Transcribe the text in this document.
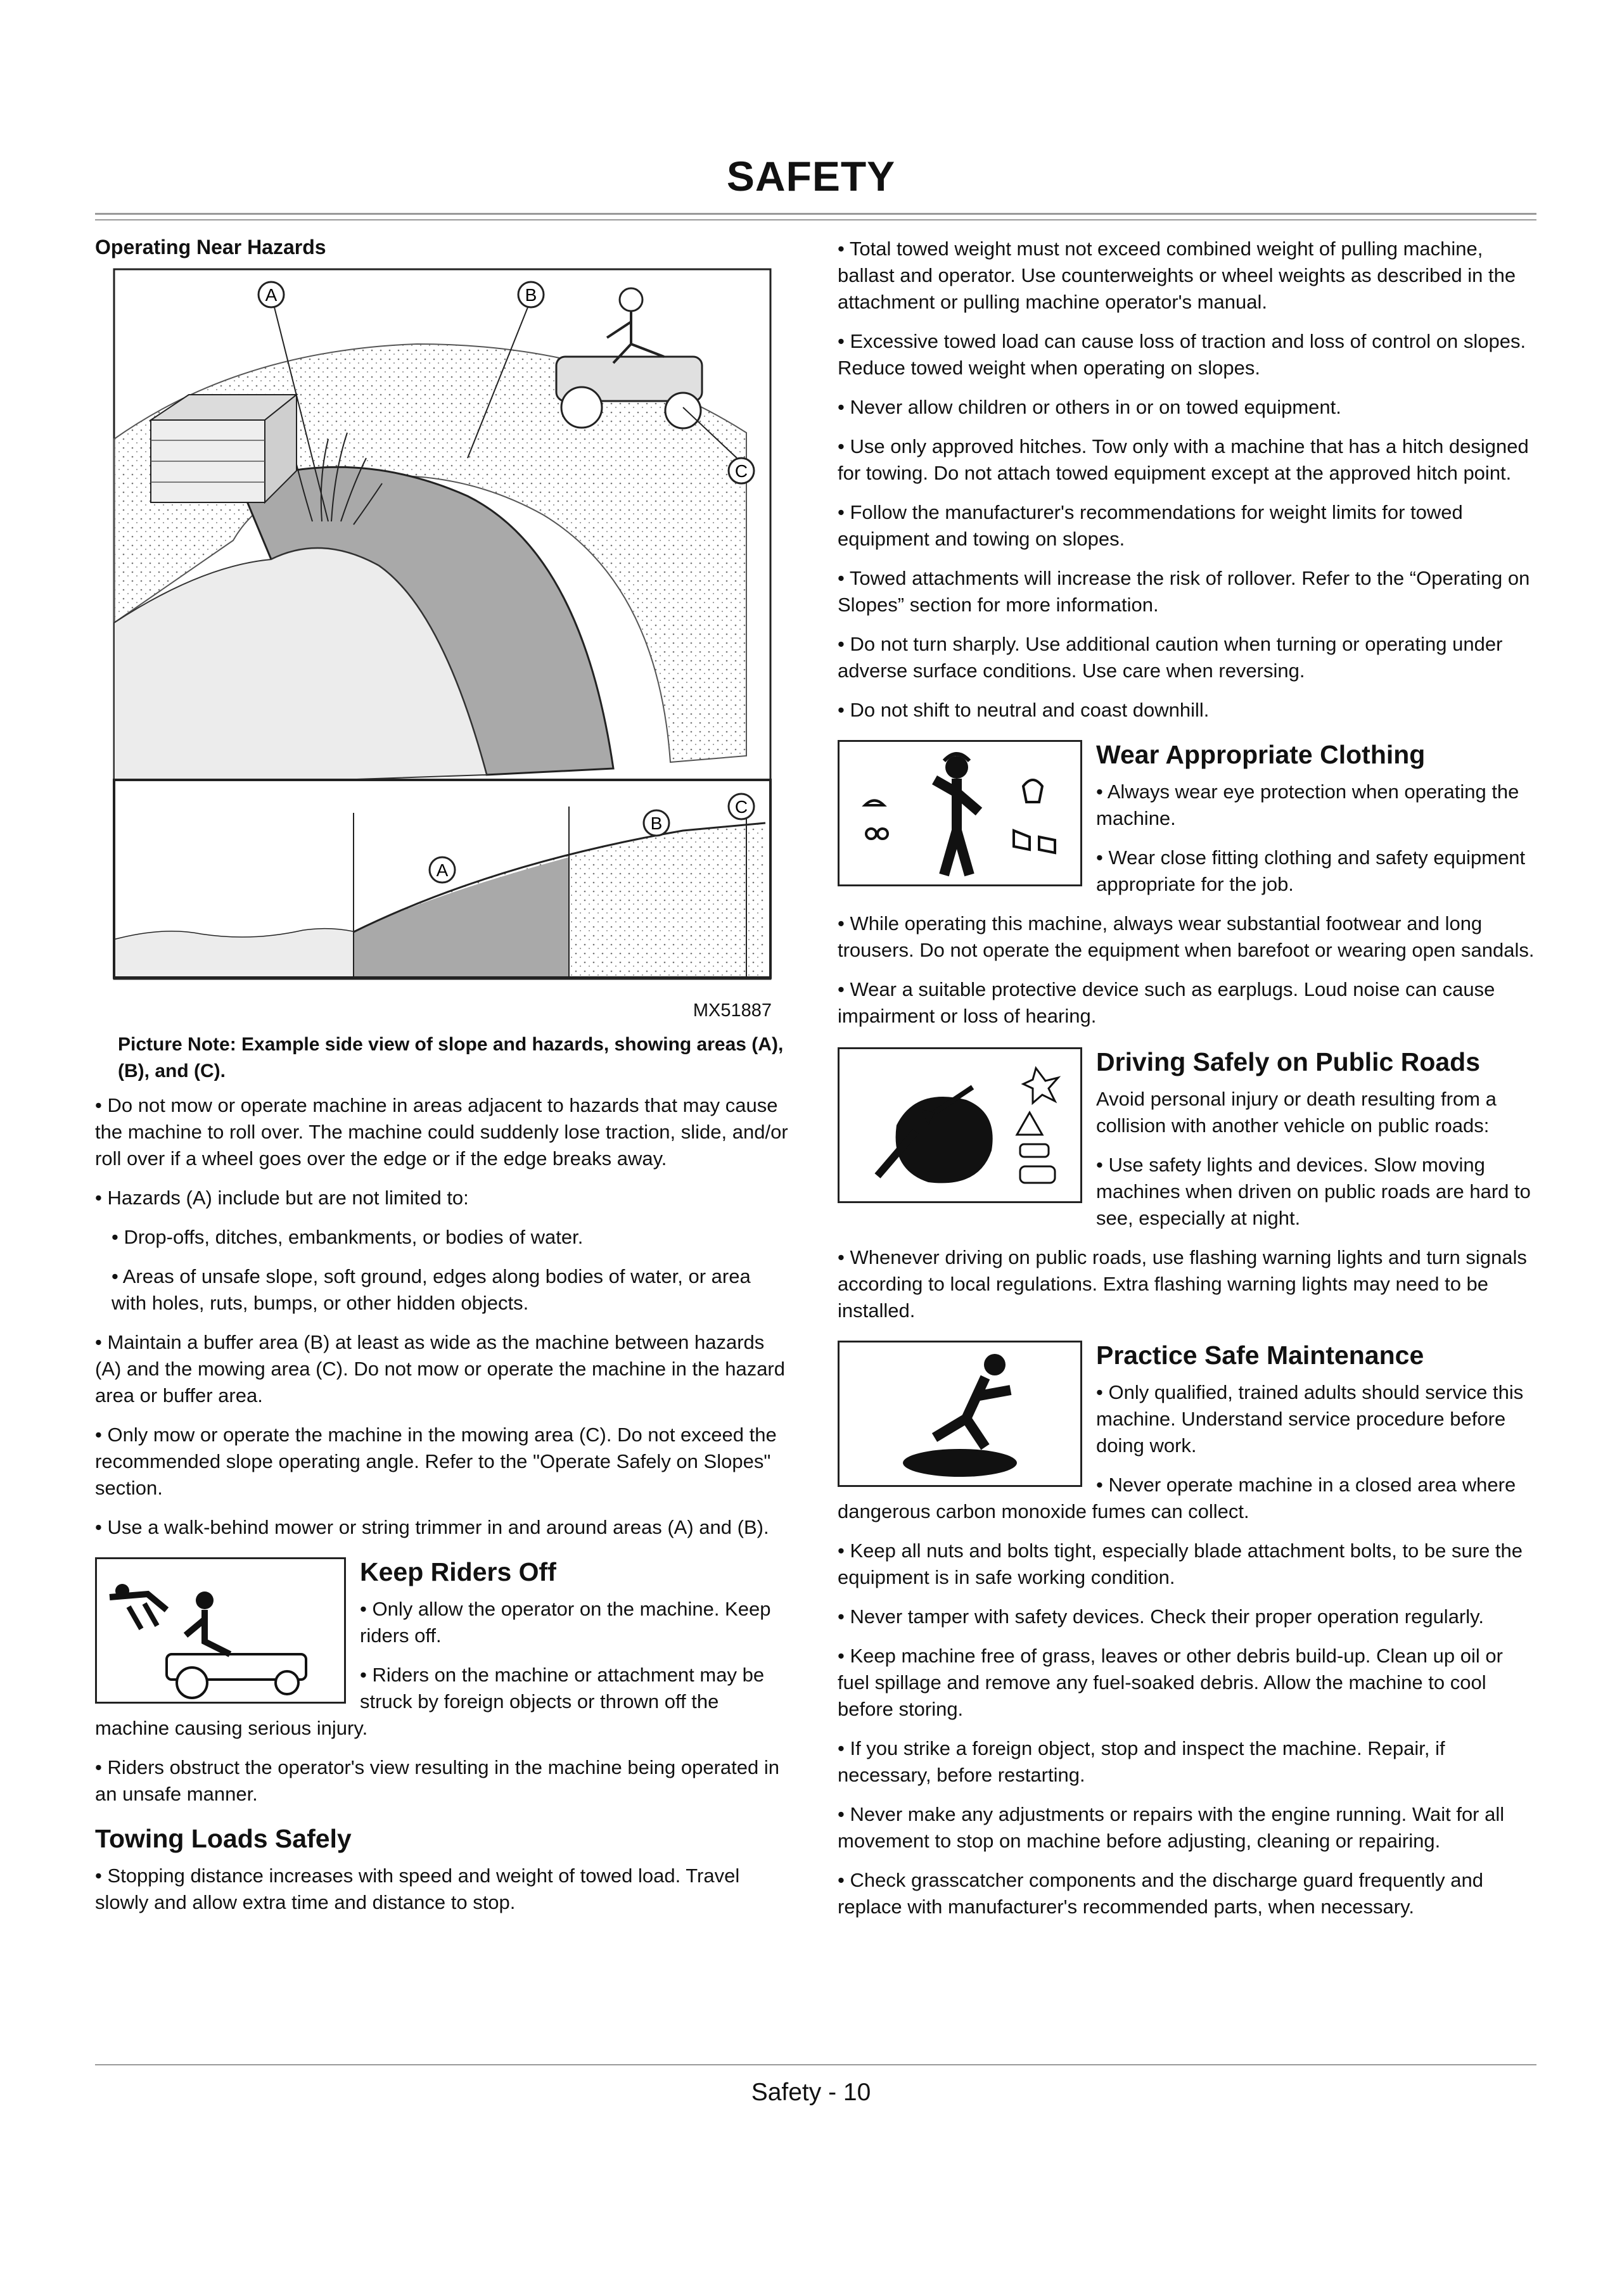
SAFETY
Operating Near Hazards
A	B
C
A
B
C
MX51887

Picture Note: Example side view of slope and hazards, showing areas (A), (B), and (C).

• Do not mow or operate machine in areas adjacent to hazards that may cause the machine to roll over. The machine could suddenly lose traction, slide, and/or roll over if a wheel goes over the edge or if the edge breaks away.

• Hazards (A) include but are not limited to:

• Drop-offs, ditches, embankments, or bodies of water.

• Areas of unsafe slope, soft ground, edges along bodies of water, or area with holes, ruts, bumps, or other hidden objects.

• Maintain a buffer area (B) at least as wide as the machine between hazards (A) and the mowing area (C). Do not mow or operate the machine in the hazard area or buffer area.

• Only mow or operate the machine in the mowing area (C). Do not exceed the recommended slope operating angle. Refer to the "Operate Safely on Slopes" section.

• Use a walk-behind mower or string trimmer in and around areas (A) and (B).

Keep Riders Off

• Only allow the operator on the machine. Keep riders off.

• Riders on the machine or attachment may be struck by foreign objects or thrown off the machine causing serious injury.

• Riders obstruct the operator's view resulting in the machine being operated in an unsafe manner.

Towing Loads Safely

• Stopping distance increases with speed and weight of towed load. Travel slowly and allow extra time and distance to stop.

• Total towed weight must not exceed combined weight of pulling machine, ballast and operator. Use counterweights or wheel weights as described in the attachment or pulling machine operator's manual.

• Excessive towed load can cause loss of traction and loss of control on slopes. Reduce towed weight when operating on slopes.

• Never allow children or others in or on towed equipment.

• Use only approved hitches. Tow only with a machine that has a hitch designed for towing. Do not attach towed equipment except at the approved hitch point.

• Follow the manufacturer's recommendations for weight limits for towed equipment and towing on slopes.

• Towed attachments will increase the risk of rollover. Refer to the “Operating on Slopes” section for more information.

• Do not turn sharply. Use additional caution when turning or operating under adverse surface conditions. Use care when reversing.

• Do not shift to neutral and coast downhill.

Wear Appropriate Clothing

• Always wear eye protection when operating the machine.

• Wear close fitting clothing and safety equipment appropriate for the job.

• While operating this machine, always wear substantial footwear and long trousers. Do not operate the equipment when barefoot or wearing open sandals.

• Wear a suitable protective device such as earplugs. Loud noise can cause impairment or loss of hearing.

Driving Safely on Public Roads

Avoid personal injury or death resulting from a collision with another vehicle on public roads:

• Use safety lights and devices. Slow moving machines when driven on public roads are hard to see, especially at night.

• Whenever driving on public roads, use flashing warning lights and turn signals according to local regulations. Extra flashing warning lights may need to be installed.

Practice Safe Maintenance

• Only qualified, trained adults should service this machine. Understand service procedure before doing work.

• Never operate machine in a closed area where dangerous carbon monoxide fumes can collect.

• Keep all nuts and bolts tight, especially blade attachment bolts, to be sure the equipment is in safe working condition.

• Never tamper with safety devices. Check their proper operation regularly.

• Keep machine free of grass, leaves or other debris build-up. Clean up oil or fuel spillage and remove any fuel-soaked debris. Allow the machine to cool before storing.

• If you strike a foreign object, stop and inspect the machine. Repair, if necessary, before restarting.

• Never make any adjustments or repairs with the engine running. Wait for all movement to stop on machine before adjusting, cleaning or repairing.

• Check grasscatcher components and the discharge guard frequently and replace with manufacturer's recommended parts, when necessary.

Safety - 10
